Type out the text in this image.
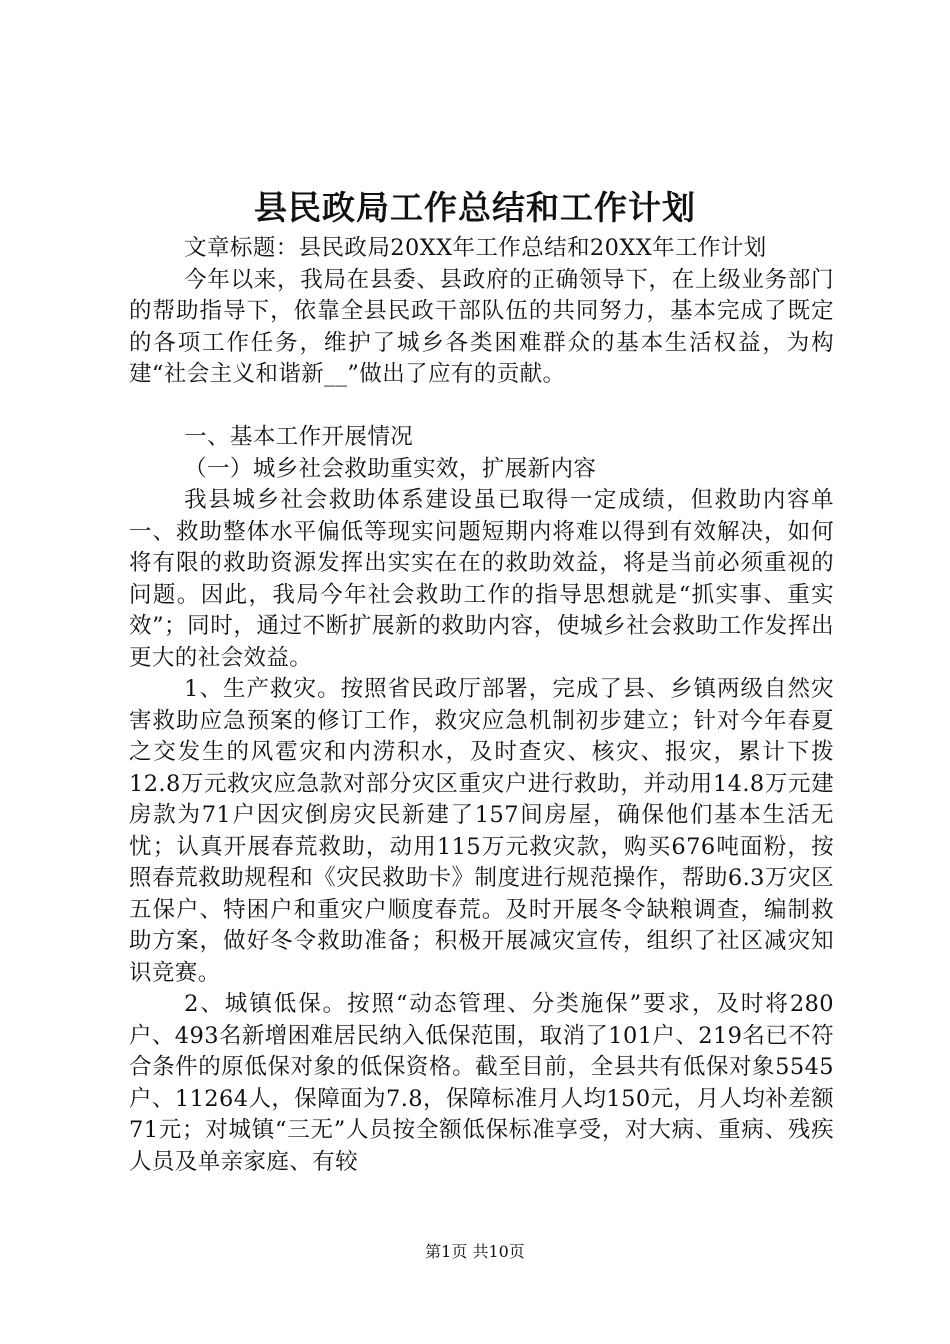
县民政局工作总结和工作计划

文章标题：县民政局20XX年工作总结和20XX年工作计划

今年以来，我局在县委、县政府的正确领导下，在上级业务部门的帮助指导下，依靠全县民政干部队伍的共同努力，基本完成了既定的各项工作任务，维护了城乡各类困难群众的基本生活权益，为构建“社会主义和谐新__”做出了应有的贡献。

一、基本工作开展情况

（一）城乡社会救助重实效，扩展新内容

我县城乡社会救助体系建设虽已取得一定成绩，但救助内容单一、救助整体水平偏低等现实问题短期内将难以得到有效解决，如何将有限的救助资源发挥出实实在在的救助效益，将是当前必须重视的问题。因此，我局今年社会救助工作的指导思想就是“抓实事、重实效”；同时，通过不断扩展新的救助内容，使城乡社会救助工作发挥出更大的社会效益。

1、生产救灾。按照省民政厅部署，完成了县、乡镇两级自然灾害救助应急预案的修订工作，救灾应急机制初步建立；针对今年春夏之交发生的风雹灾和内涝积水，及时查灾、核灾、报灾，累计下拨12.8万元救灾应急款对部分灾区重灾户进行救助，并动用14.8万元建房款为71户因灾倒房灾民新建了157间房屋，确保他们基本生活无忧；认真开展春荒救助，动用115万元救灾款，购买676吨面粉，按照春荒救助规程和《灾民救助卡》制度进行规范操作，帮助6.3万灾区五保户、特困户和重灾户顺度春荒。及时开展冬令缺粮调查，编制救助方案，做好冬令救助准备；积极开展减灾宣传，组织了社区减灾知识竞赛。

2、城镇低保。按照“动态管理、分类施保”要求，及时将280户、493名新增困难居民纳入低保范围，取消了101户、219名已不符合条件的原低保对象的低保资格。截至目前，全县共有低保对象5545户、11264人，保障面为7.8，保障标准月人均150元，月人均补差额71元；对城镇“三无”人员按全额低保标准享受，对大病、重病、残疾人员及单亲家庭、有较

第1页 共10页
